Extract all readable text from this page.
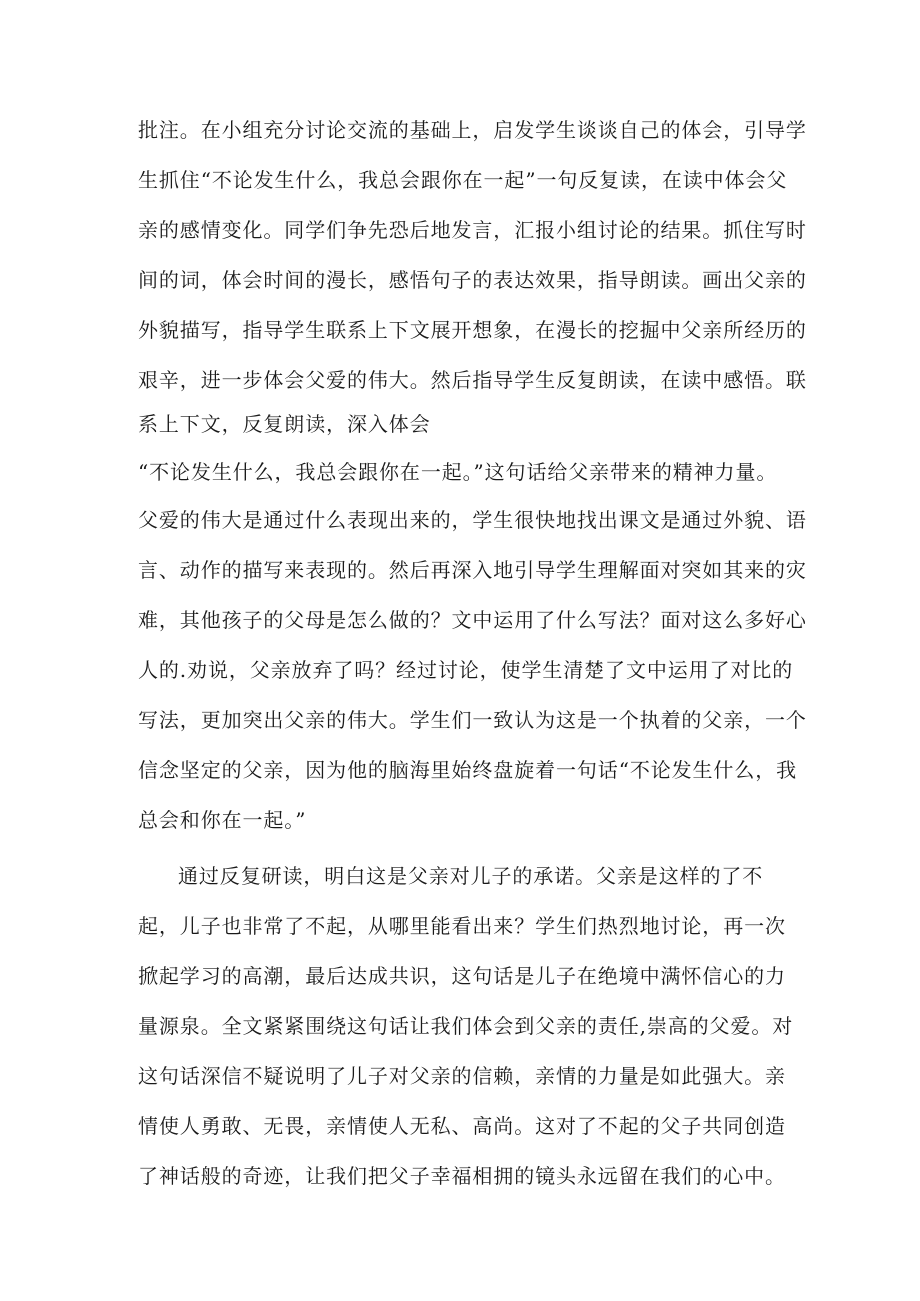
批注。在小组充分讨论交流的基础上，启发学生谈谈自己的体会，引导学
生抓住“不论发生什么，我总会跟你在一起”一句反复读，在读中体会父
亲的感情变化。同学们争先恐后地发言，汇报小组讨论的结果。抓住写时
间的词，体会时间的漫长，感悟句子的表达效果，指导朗读。画出父亲的
外貌描写，指导学生联系上下文展开想象，在漫长的挖掘中父亲所经历的
艰辛，进一步体会父爱的伟大。然后指导学生反复朗读，在读中感悟。联
系上下文，反复朗读，深入体会
“不论发生什么，我总会跟你在一起。”这句话给父亲带来的精神力量。
父爱的伟大是通过什么表现出来的，学生很快地找出课文是通过外貌、语
言、动作的描写来表现的。然后再深入地引导学生理解面对突如其来的灾
难，其他孩子的父母是怎么做的？文中运用了什么写法？面对这么多好心
人的.劝说，父亲放弃了吗？经过讨论，使学生清楚了文中运用了对比的
写法，更加突出父亲的伟大。学生们一致认为这是一个执着的父亲，一个
信念坚定的父亲，因为他的脑海里始终盘旋着一句话“不论发生什么，我
总会和你在一起。”
通过反复研读，明白这是父亲对儿子的承诺。父亲是这样的了不
起，儿子也非常了不起，从哪里能看出来？学生们热烈地讨论，再一次
掀起学习的高潮，最后达成共识，这句话是儿子在绝境中满怀信心的力
量源泉。全文紧紧围绕这句话让我们体会到父亲的责任,崇高的父爱。对
这句话深信不疑说明了儿子对父亲的信赖，亲情的力量是如此强大。亲
情使人勇敢、无畏，亲情使人无私、高尚。这对了不起的父子共同创造
了神话般的奇迹，让我们把父子幸福相拥的镜头永远留在我们的心中。
